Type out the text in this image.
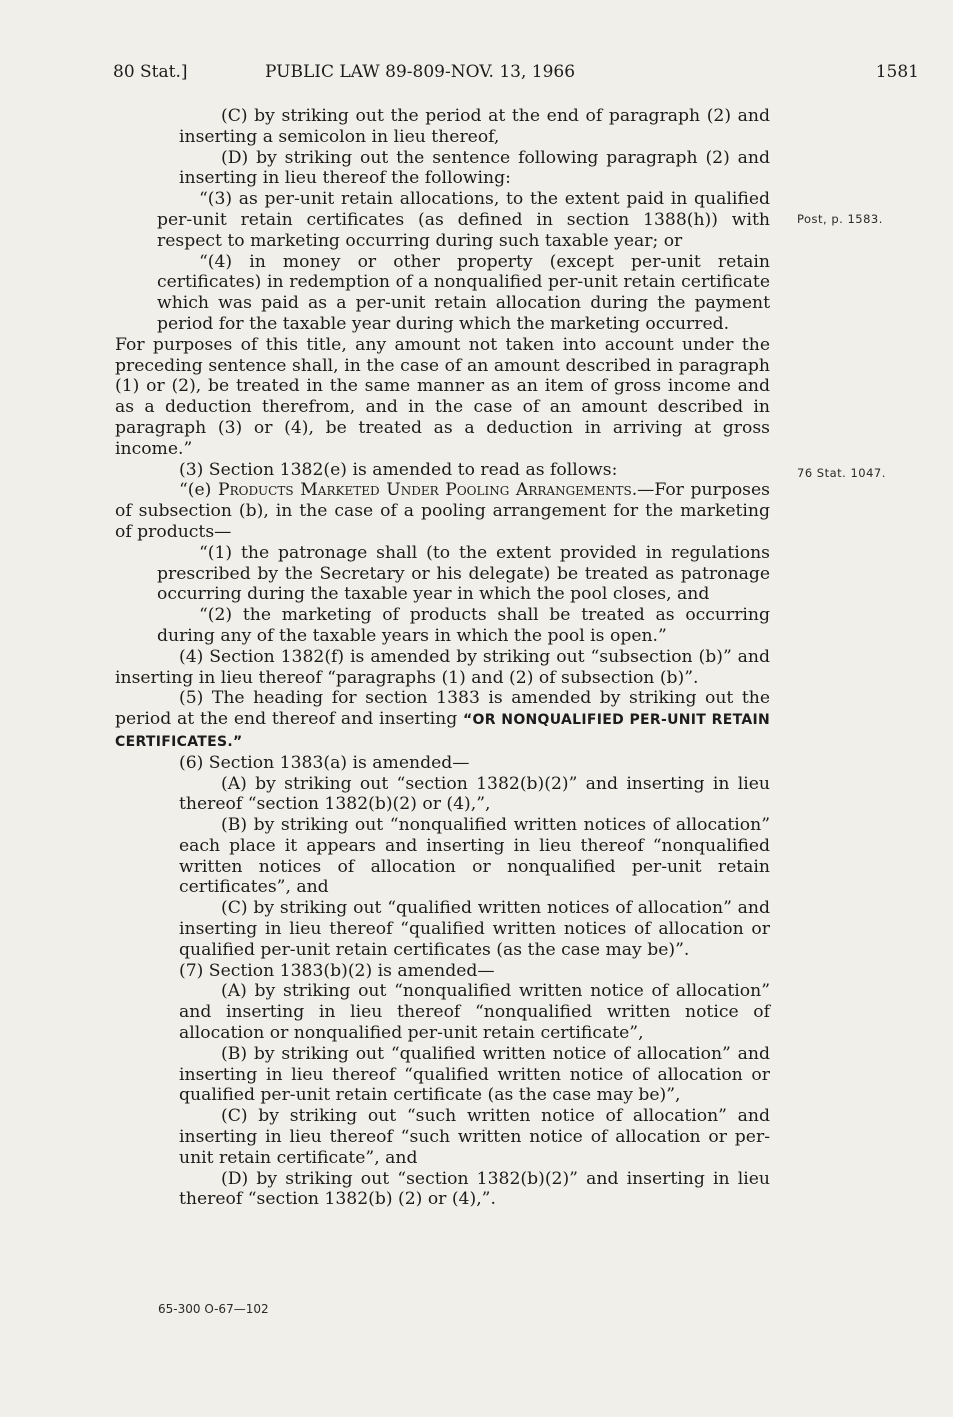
80 Stat.]	PUBLIC LAW 89-809-NOV. 13, 1966	1581

(C) by striking out the period at the end of paragraph (2) and inserting a semicolon in lieu thereof,

(D) by striking out the sentence following paragraph (2) and inserting in lieu thereof the following:

“(3) as per-unit retain allocations, to the extent paid in qualified per-unit retain certificates (as defined in section 1388(h)) with respect to marketing occurring during such taxable year; or

“(4) in money or other property (except per-unit retain certificates) in redemption of a nonqualified per-unit retain certificate which was paid as a per-unit retain allocation during the payment period for the taxable year during which the marketing occurred.

For purposes of this title, any amount not taken into account under the preceding sentence shall, in the case of an amount described in paragraph (1) or (2), be treated in the same manner as an item of gross income and as a deduction therefrom, and in the case of an amount described in paragraph (3) or (4), be treated as a deduction in arriving at gross income.”

(3) Section 1382(e) is amended to read as follows:

“(e) Products Marketed Under Pooling Arrangements.—For purposes of subsection (b), in the case of a pooling arrangement for the marketing of products—

“(1) the patronage shall (to the extent provided in regulations prescribed by the Secretary or his delegate) be treated as patronage occurring during the taxable year in which the pool closes, and

“(2) the marketing of products shall be treated as occurring during any of the taxable years in which the pool is open.”

(4) Section 1382(f) is amended by striking out “subsection (b)” and inserting in lieu thereof “paragraphs (1) and (2) of subsection (b)”.

(5) The heading for section 1383 is amended by striking out the period at the end thereof and inserting “OR NONQUALIFIED PER-UNIT RETAIN CERTIFICATES.”

(6) Section 1383(a) is amended—

(A) by striking out “section 1382(b)(2)” and inserting in lieu thereof “section 1382(b)(2) or (4),”,

(B) by striking out “nonqualified written notices of allocation” each place it appears and inserting in lieu thereof “nonqualified written notices of allocation or nonqualified per-unit retain certificates”, and

(C) by striking out “qualified written notices of allocation” and inserting in lieu thereof “qualified written notices of allocation or qualified per-unit retain certificates (as the case may be)”.

(7) Section 1383(b)(2) is amended—

(A) by striking out “nonqualified written notice of allocation” and inserting in lieu thereof “nonqualified written notice of allocation or nonqualified per-unit retain certificate”,

(B) by striking out “qualified written notice of allocation” and inserting in lieu thereof “qualified written notice of allocation or qualified per-unit retain certificate (as the case may be)”,

(C) by striking out “such written notice of allocation” and inserting in lieu thereof “such written notice of allocation or per-unit retain certificate”, and

(D) by striking out “section 1382(b)(2)” and inserting in lieu thereof “section 1382(b) (2) or (4),”.

Post, p. 1583.
76 Stat. 1047.
65-300 O-67—102
